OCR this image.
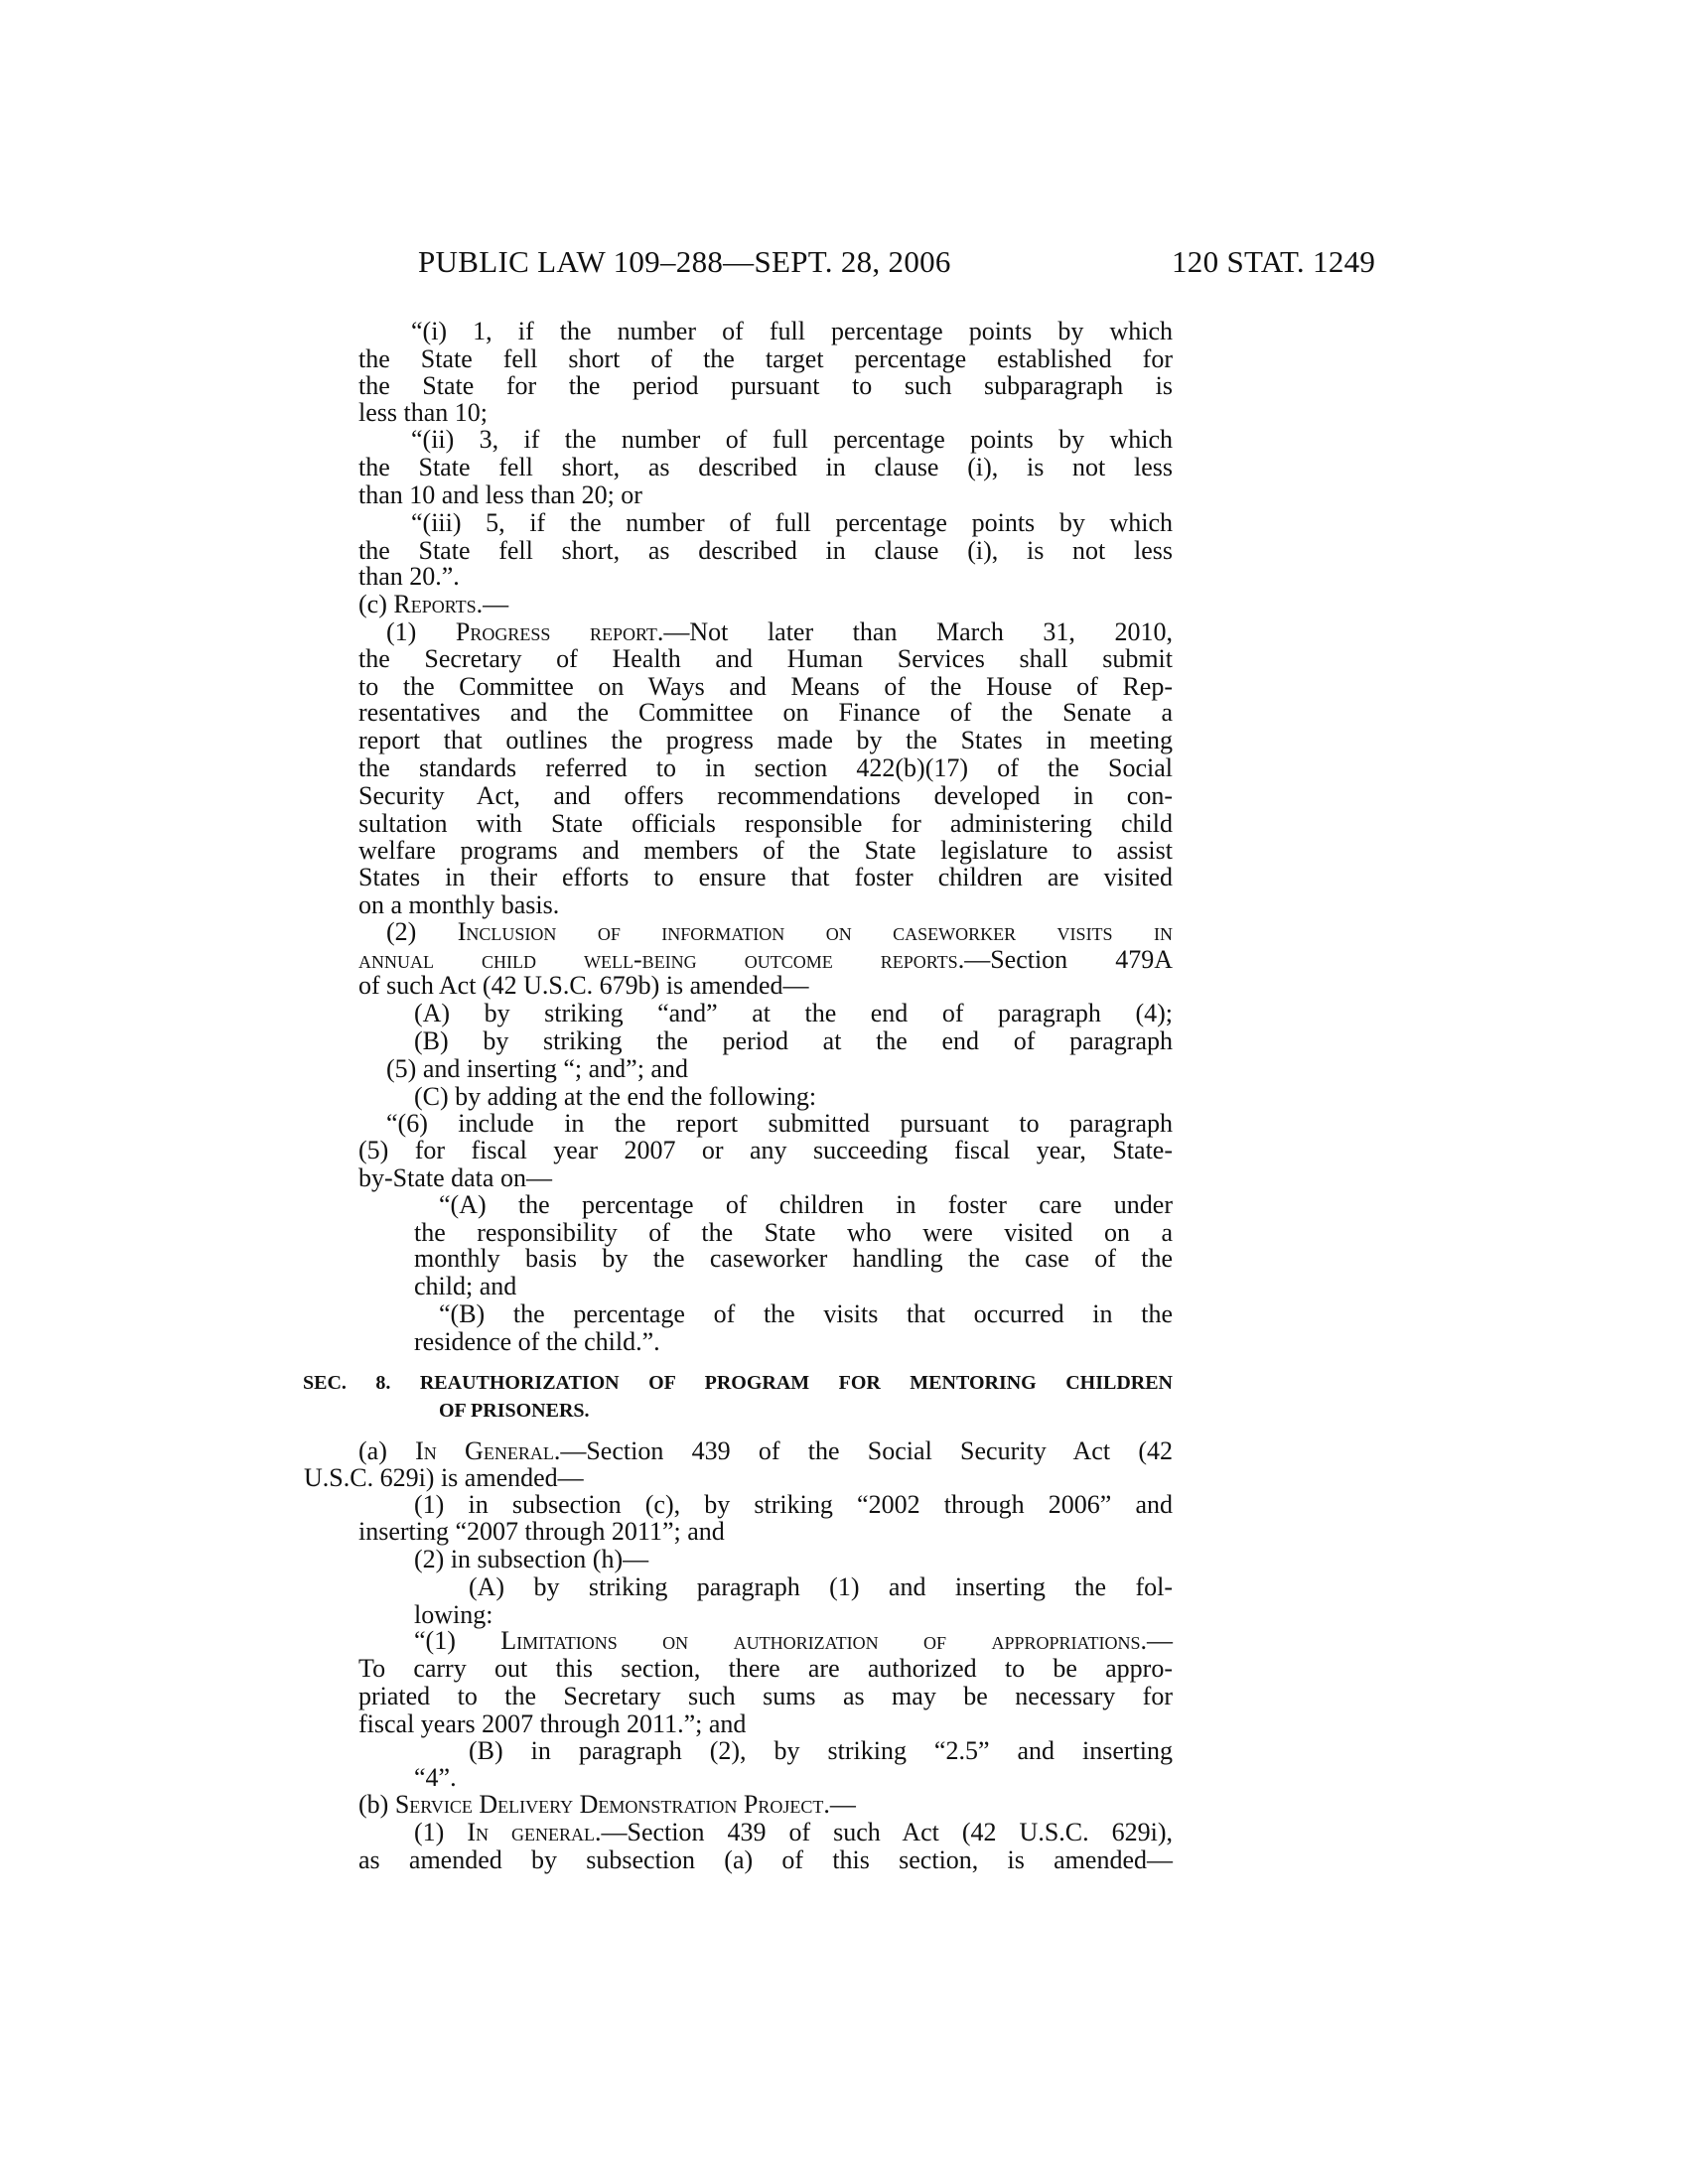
PUBLIC LAW 109–288—SEPT. 28, 2006	120 STAT. 1249
“(i) 1, if the number of full percentage points by which
the State fell short of the target percentage established for
the State for the period pursuant to such subparagraph is
less than 10;
“(ii) 3, if the number of full percentage points by which
the State fell short, as described in clause (i), is not less
than 10 and less than 20; or
“(iii) 5, if the number of full percentage points by which
the State fell short, as described in clause (i), is not less
than 20.”.
(c) Reports.—
(1) Progress report.—Not later than March 31, 2010,
the Secretary of Health and Human Services shall submit
to the Committee on Ways and Means of the House of Rep-
resentatives and the Committee on Finance of the Senate a
report that outlines the progress made by the States in meeting
the standards referred to in section 422(b)(17) of the Social
Security Act, and offers recommendations developed in con-
sultation with State officials responsible for administering child
welfare programs and members of the State legislature to assist
States in their efforts to ensure that foster children are visited
on a monthly basis.
(2) Inclusion of information on caseworker visits in
annual child well-being outcome reports.—Section 479A
of such Act (42 U.S.C. 679b) is amended—
(A) by striking “and” at the end of paragraph (4);
(B) by striking the period at the end of paragraph
(5) and inserting “; and”; and
(C) by adding at the end the following:
“(6) include in the report submitted pursuant to paragraph
(5) for fiscal year 2007 or any succeeding fiscal year, State-
by-State data on—
“(A) the percentage of children in foster care under
the responsibility of the State who were visited on a
monthly basis by the caseworker handling the case of the
child; and
“(B) the percentage of the visits that occurred in the
residence of the child.”.
(a) In General.—Section 439 of the Social Security Act (42
U.S.C. 629i) is amended—
(1) in subsection (c), by striking “2002 through 2006” and
inserting “2007 through 2011”; and
(2) in subsection (h)—
(A) by striking paragraph (1) and inserting the fol-
lowing:
“(1) Limitations on authorization of appropriations.—
To carry out this section, there are authorized to be appro-
priated to the Secretary such sums as may be necessary for
fiscal years 2007 through 2011.”; and
(B) in paragraph (2), by striking “2.5” and inserting
“4”.
(b) Service Delivery Demonstration Project.—
(1) In general.—Section 439 of such Act (42 U.S.C. 629i),
as amended by subsection (a) of this section, is amended—
SEC. 8. REAUTHORIZATION OF PROGRAM FOR MENTORING CHILDREN
OF PRISONERS.
